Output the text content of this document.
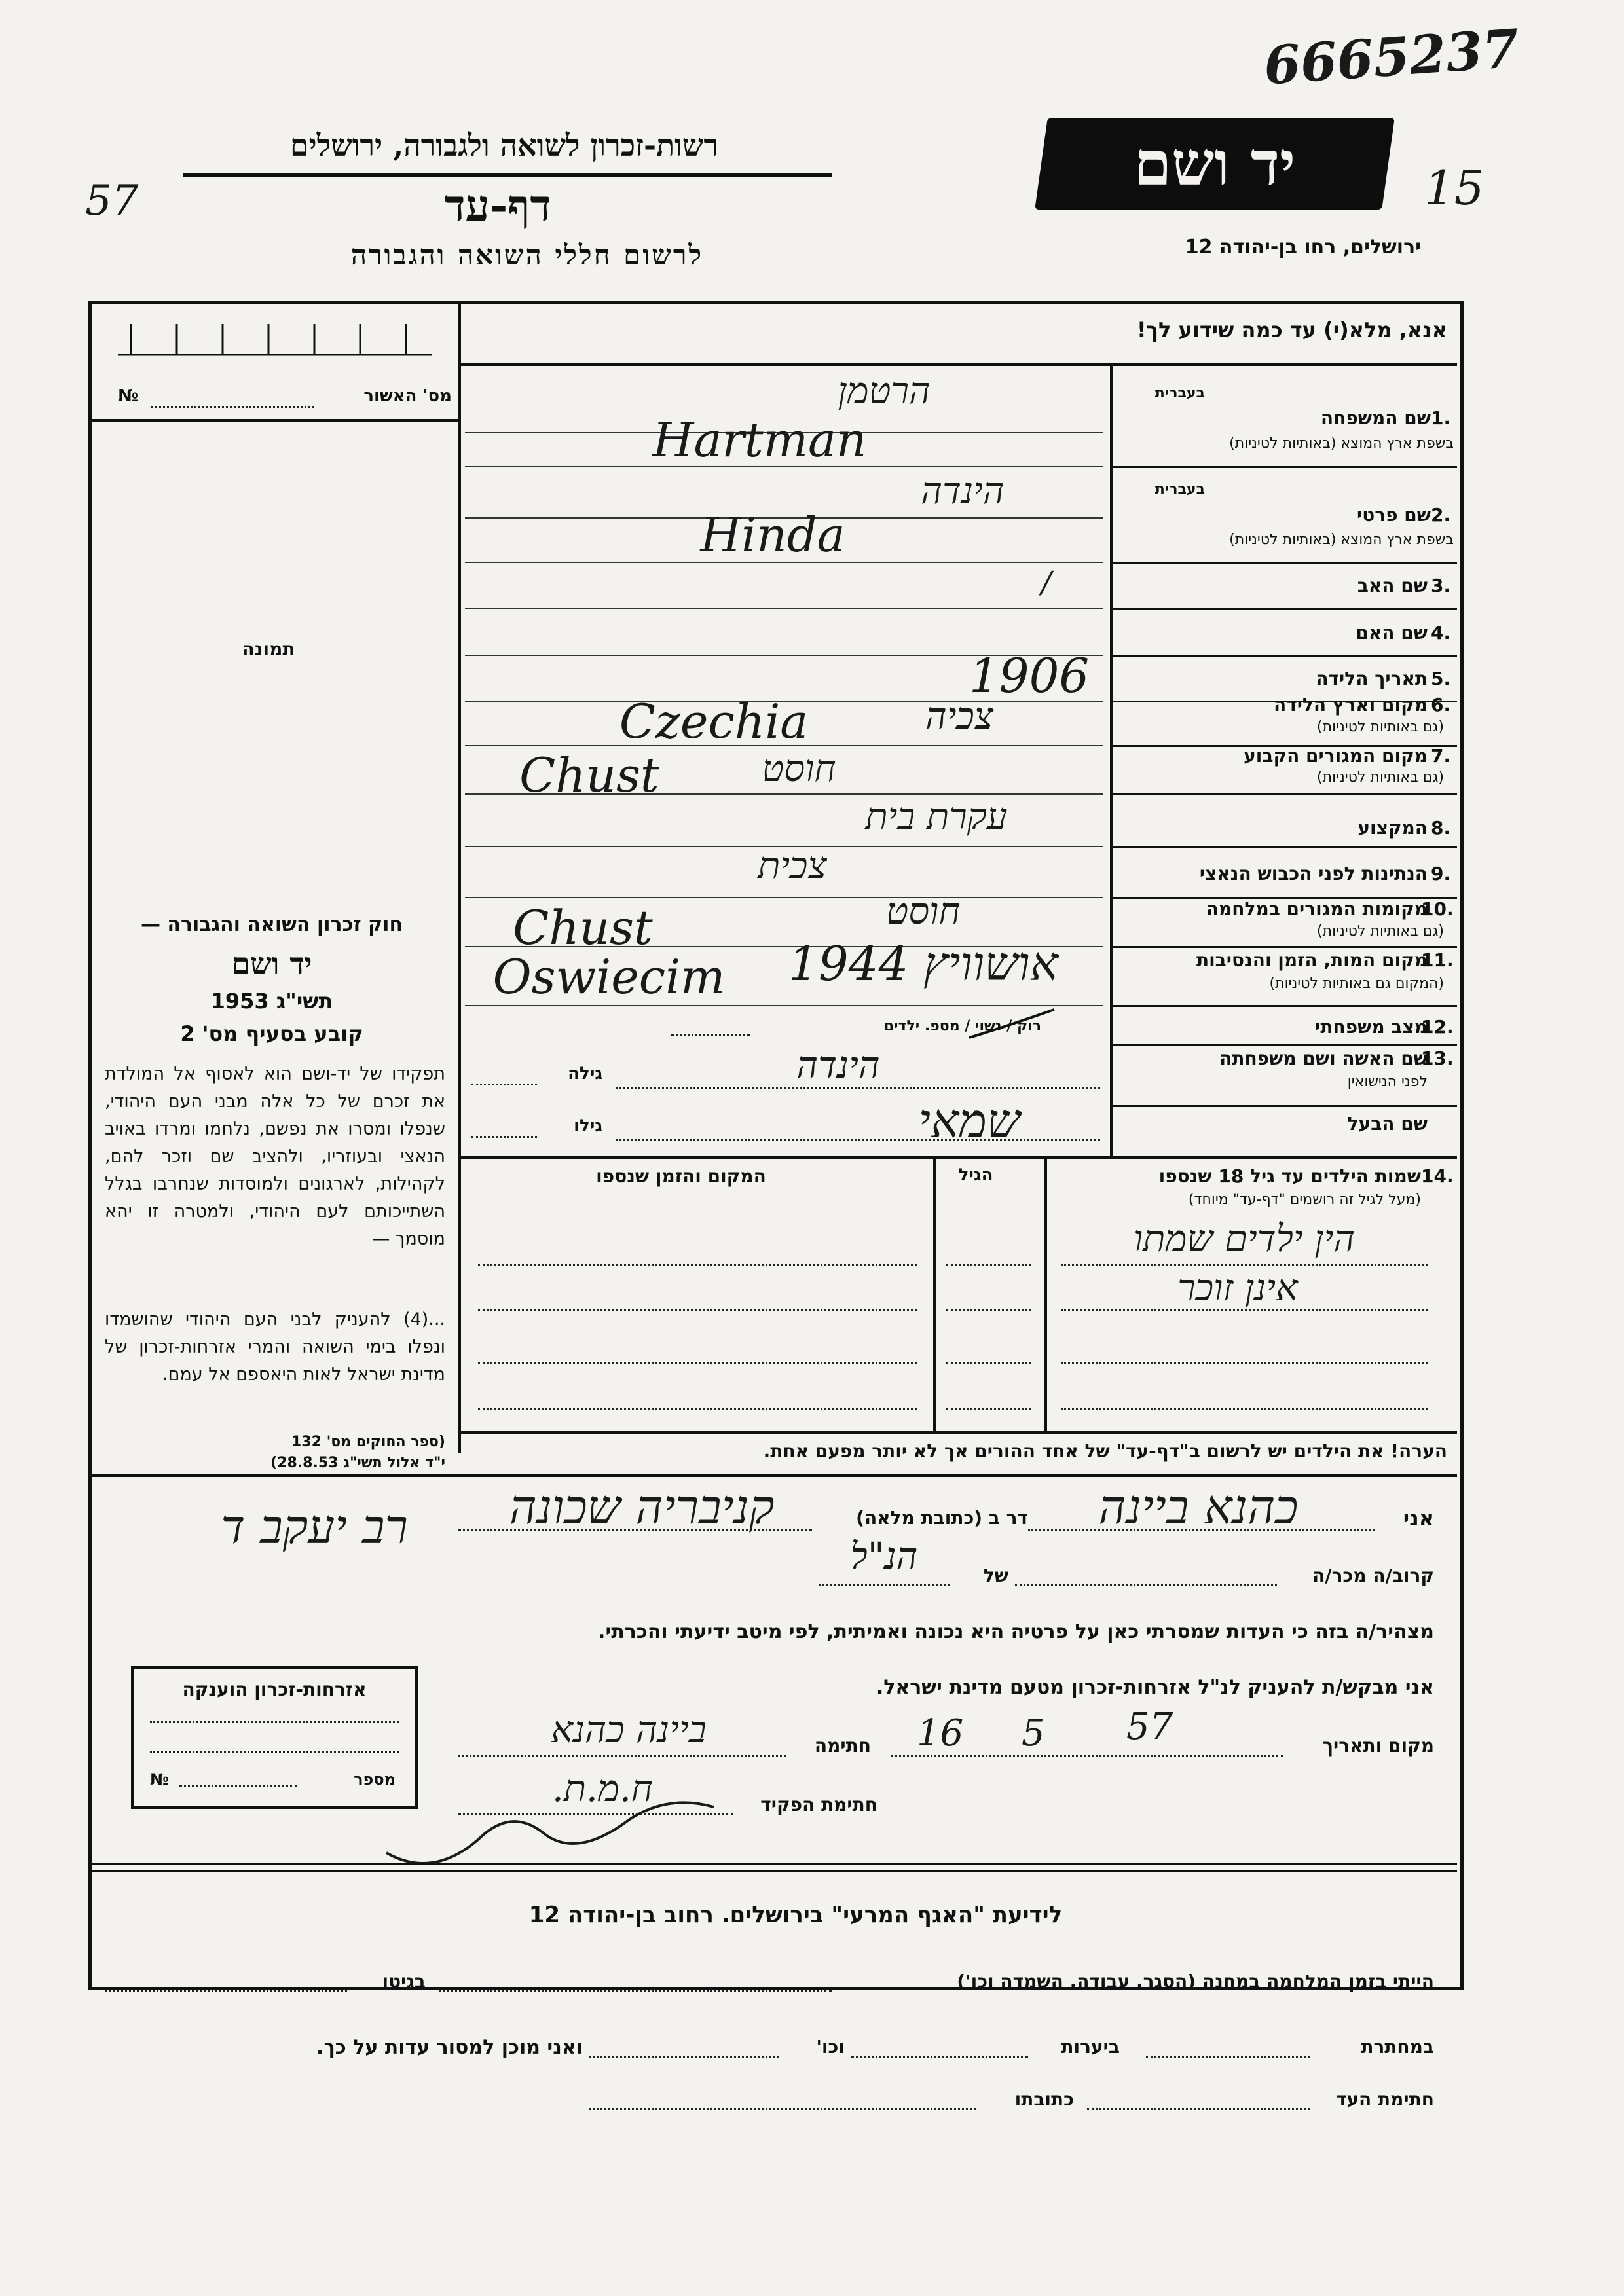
6665237
57	15
רשות-זכרון לשואה ולגבורה, ירושלים
דף-עד
לרשום חללי השואה והגבורה
יד ושם
ירושלים, רחו בן-יהודה 12
אנא, מלא(י) עד כמה שידוע לך!
№	מס' האשור
תמונה
בעברית
שם המשפחה 1.
בשפת ארץ המוצא (באותיות לטיניות)
הרטמן
Hartman
בעברית
שם פרטי 2.
בשפת ארץ המוצא (באותיות לטיניות)
הינדה
Hinda
שם האב 3.
/
שם האם 4.
תאריך הלידה 5.
1906
מקום וארץ הלידה 6.
(גם באותיות לטיניות)
צכיה
Czechia
מקום המגורים הקבוע 7.
(גם באותיות לטיניות)
חוסט
Chust
המקצוע 8.
עקרת בית
הנתינות לפני הכבוש הנאצי 9.
צכית
מקומות המגורים במלחמה
10.
(גם באותיות לטיניות)
חוסט
Chust
מקום המות, הזמן והנסיבות
11.
(המקום גם באותיות לטיניות)
אושוויץ 1944
Oswiecim
מצב משפחתי
12.
רוק / נשוי / מספ. ילדים
שם האשה ושם משפחתה
13.
לפני הנישואין
גילה	הינדה
שם הבעל
גילו	שמאי
שמות הילדים עד גיל 18 שנספו 14.
(מעל לגיל זה רושמים "דף-עד" מיוחד)
הגיל
המקום והזמן שנספו
הין ילדים שמתו
אינן זוכר
הערה! את הילדים יש לרשום ב"דף-עד" של אחד ההורים אך לא יותר מפעם אחת.
חוק זכרון השואה והגבורה —
יד ושם
תשי"ג 1953
קובע בסעיף מס' 2
תפקידו של יד-ושם הוא לאסוף אל המולדת את זכרם של כל אלה מבני העם היהודי, שנפלו ומסרו את נפשם, נלחמו ומרדו באויב הנאצי ובעוזריו, ולהציב שם וזכר להם, לקהילות, לארגונים ולמוסדות שנחרבו בגלל השתייכותם לעם היהודי, ולמטרה זו יהא מוסמך —
...(4) להעניק לבני העם היהודי שהושמדו ונפלו בימי השואה והמרי אזרחות-זכרון של מדינת ישראל לאות היאספם אל עמם.
(ספר החוקים מס' 132
י"ד אלול תשי"ג 28.8.53)
אני
כהנא ביינה
דר ב (כתובת מלאה)
קניבריה שכונה
רב יעקב ד
קרוב/ה מכר/ה
של
הנ"ל
מצהיר/ה בזה כי העדות שמסרתי כאן על פרטיה היא נכונה ואמיתית, לפי מיטב ידיעתי והכרתי.
אני מבקש/ת להעניק לנ"ל אזרחות-זכרון מטעם מדינת ישראל.
מקום ותאריך
16 5 57
חתימה
ביינה כהנא
חתימת הפקיד
ח.מ.ת.
אזרחות-זכרון הוענקה
№	מספר
לידיעת "האגף המרעי" בירושלים. רחוב בן-יהודה 12
הייתי בזמן המלחמה במחנה (הסגר, עבודה, השמדה וכו')
בגיטו
במחתרת
ביערות
וכו'
ואני מוכן למסור עדות על כך.
חתימת העד
כתובתו
